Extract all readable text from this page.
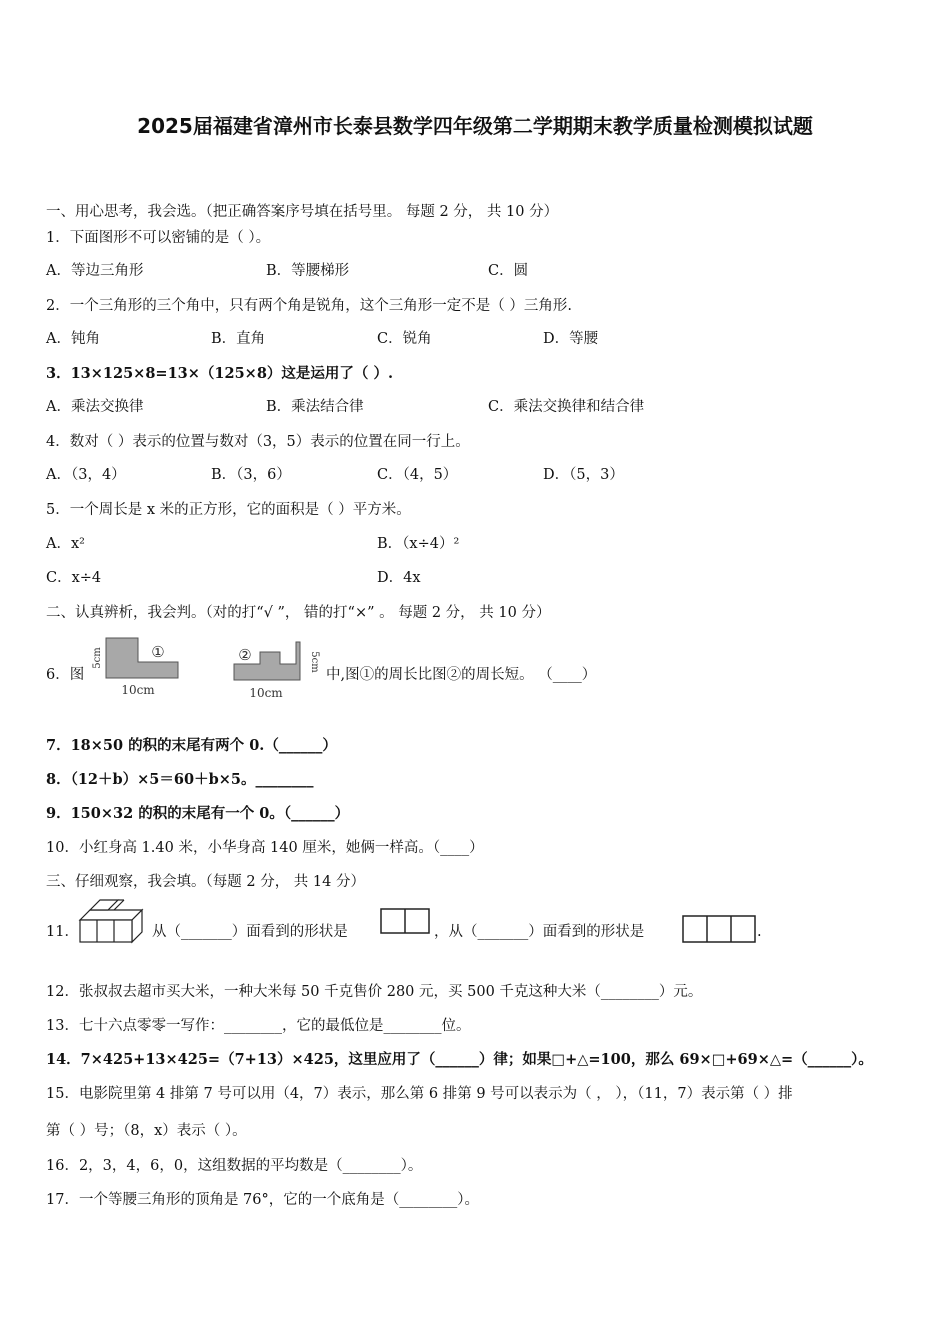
2025届福建省漳州市长泰县数学四年级第二学期期末教学质量检测模拟试题
一、用心思考，我会选。（把正确答案序号填在括号里。 每题 2 分， 共 10 分）
1．下面图形不可以密铺的是（ ）。
A．等边三角形	B．等腰梯形	C．圆
2．一个三角形的三个角中，只有两个角是锐角，这个三角形一定不是（ ）三角形.
A．钝角	B．直角	C．锐角	D．等腰
3．13×125×8=13×（125×8）这是运用了（ ）.
A．乘法交换律	B．乘法结合律	C．乘法交换律和结合律
4．数对（ ）表示的位置与数对（3，5）表示的位置在同一行上。
A．（3，4）	B．（3，6）	C．（4，5）	D．（5，3）
5．一个周长是 x 米的正方形，它的面积是（ ）平方米。
A．x²	B．（x÷4）²
C．x÷4	D．4x
二、认真辨析，我会判。（对的打“√ ”， 错的打“×” 。 每题 2 分， 共 10 分）
6．图
①
5cm
10cm
②	5cm
10cm
中,图①的周长比图②的周长短。 （____）
7．18×50 的积的末尾有两个 0.（______）
8．（12＋b）×5＝60＋b×5。________
9．150×32 的积的末尾有一个 0。（______）
10．小红身高 1.40 米，小华身高 140 厘米，她俩一样高。（____）
三、仔细观察，我会填。（每题 2 分， 共 14 分）
11．	从（_______）面看到的形状是	，从（_______）面看到的形状是	.
12．张叔叔去超市买大米，一种大米每 50 千克售价 280 元，买 500 千克这种大米（________）元。
13．七十六点零零一写作：________，它的最低位是________位。
14．7×425+13×425=（7+13）×425，这里应用了（______）律；如果□+△=100，那么 69×□+69×△=（______）。
15．电影院里第 4 排第 7 号可以用（4，7）表示，那么第 6 排第 9 号可以表示为（ ， ），（11，7）表示第（ ）排
第（ ）号；（8，x）表示（ ）。
16．2，3，4，6，0，这组数据的平均数是（________）。
17．一个等腰三角形的顶角是 76°，它的一个底角是（________）。
